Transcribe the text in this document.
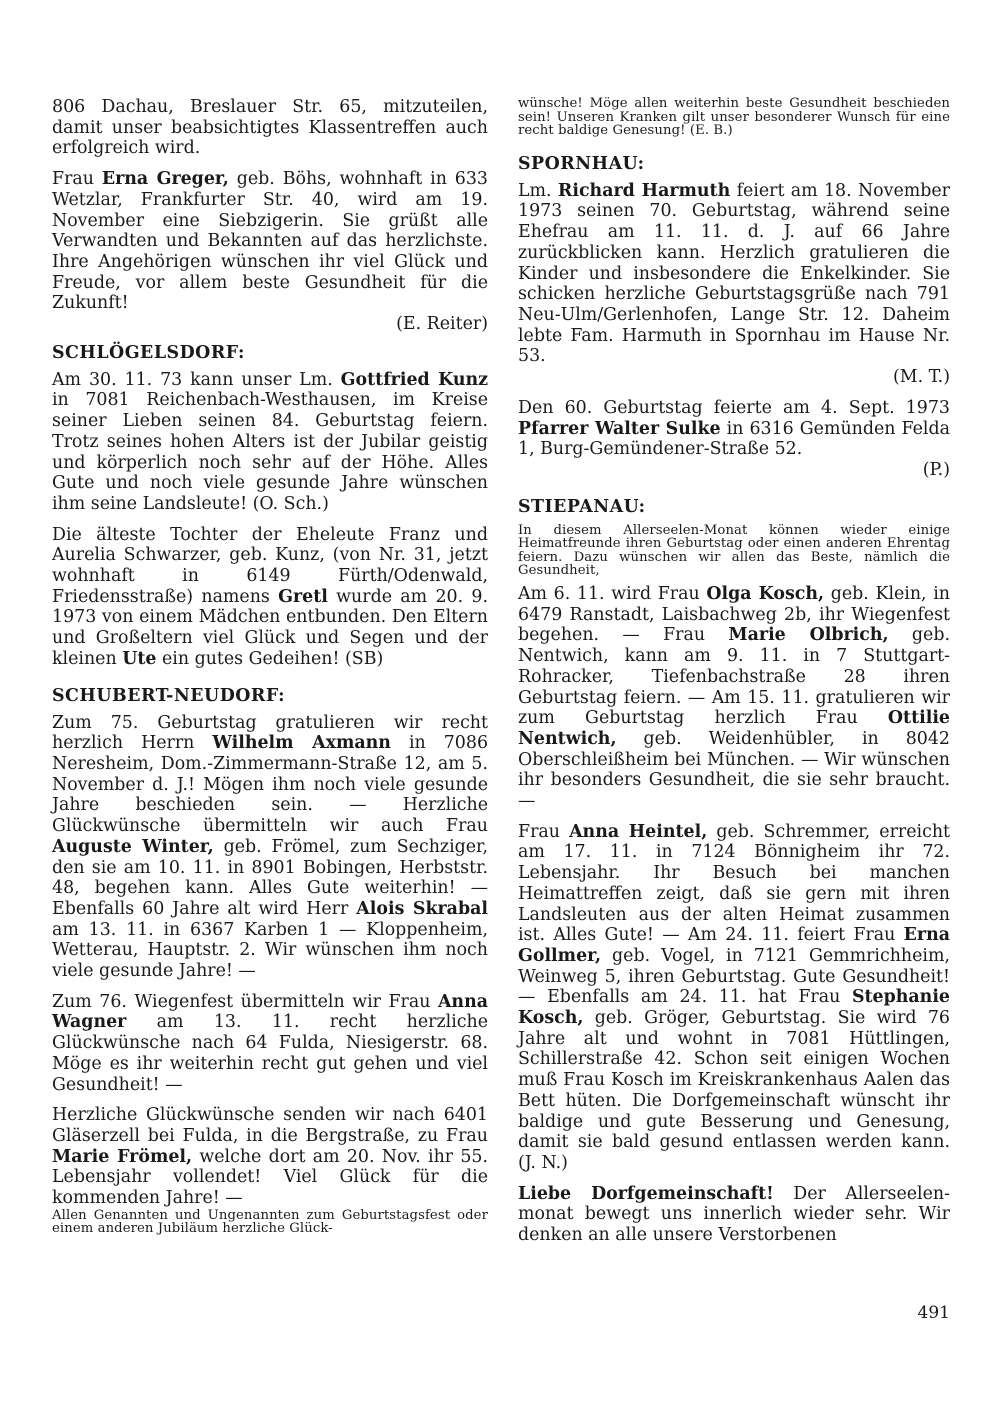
806 Dachau, Breslauer Str. 65, mitzuteilen, damit unser beabsichtigtes Klassentreffen auch erfolgreich wird.

Frau Erna Greger, geb. Böhs, wohnhaft in 633 Wetzlar, Frankfurter Str. 40, wird am 19. November eine Siebzigerin. Sie grüßt alle Verwandten und Bekannten auf das herzlichste. Ihre Angehörigen wünschen ihr viel Glück und Freude, vor allem beste Gesundheit für die Zukunft!

(E. Reiter)
SCHLÖGELSDORF:

Am 30. 11. 73 kann unser Lm. Gottfried Kunz in 7081 Reichenbach-Westhausen, im Kreise seiner Lieben seinen 84. Geburtstag feiern. Trotz seines hohen Alters ist der Jubilar geistig und körperlich noch sehr auf der Höhe. Alles Gute und noch viele gesunde Jahre wünschen ihm seine Landsleute! (O. Sch.)

Die älteste Tochter der Eheleute Franz und Aurelia Schwarzer, geb. Kunz, (von Nr. 31, jetzt wohnhaft in 6149 Fürth/Odenwald, Friedensstraße) namens Gretl wurde am 20. 9. 1973 von einem Mädchen entbunden. Den Eltern und Großeltern viel Glück und Segen und der kleinen Ute ein gutes Gedeihen! (SB)

SCHUBERT-NEUDORF:

Zum 75. Geburtstag gratulieren wir recht herzlich Herrn Wilhelm Axmann in 7086 Neresheim, Dom.-Zimmermann-Straße 12, am 5. November d. J.! Mögen ihm noch viele gesunde Jahre beschieden sein. — Herzliche Glückwünsche übermitteln wir auch Frau Auguste Winter, geb. Frömel, zum Sechziger, den sie am 10. 11. in 8901 Bobingen, Herbststr. 48, begehen kann. Alles Gute weiterhin! — Ebenfalls 60 Jahre alt wird Herr Alois Skrabal am 13. 11. in 6367 Karben 1 — Kloppenheim, Wetterau, Hauptstr. 2. Wir wünschen ihm noch viele gesunde Jahre! —

Zum 76. Wiegenfest übermitteln wir Frau Anna Wagner am 13. 11. recht herzliche Glückwünsche nach 64 Fulda, Niesigerstr. 68. Möge es ihr weiterhin recht gut gehen und viel Gesundheit! —

Herzliche Glückwünsche senden wir nach 6401 Gläserzell bei Fulda, in die Bergstraße, zu Frau Marie Frömel, welche dort am 20. Nov. ihr 55. Lebensjahr vollendet! Viel Glück für die kommenden Jahre! —

Allen Genannten und Ungenannten zum Geburtstagsfest oder einem anderen Jubiläum herzliche Glück-

wünsche! Möge allen weiterhin beste Gesundheit beschieden sein! Unseren Kranken gilt unser besonderer Wunsch für eine recht baldige Genesung! (E. B.)

SPORNHAU:

Lm. Richard Harmuth feiert am 18. November 1973 seinen 70. Geburtstag, während seine Ehefrau am 11. 11. d. J. auf 66 Jahre zurückblicken kann. Herzlich gratulieren die Kinder und insbesondere die Enkelkinder. Sie schicken herzliche Geburtstagsgrüße nach 791 Neu-Ulm/Gerlenhofen, Lange Str. 12. Daheim lebte Fam. Harmuth in Spornhau im Hause Nr. 53.

(M. T.)

Den 60. Geburtstag feierte am 4. Sept. 1973 Pfarrer Walter Sulke in 6316 Gemünden Felda 1, Burg-Gemündener-Straße 52.

(P.)
STIEPANAU:

In diesem Allerseelen-Monat können wieder einige Heimatfreunde ihren Geburtstag oder einen anderen Ehrentag feiern. Dazu wünschen wir allen das Beste, nämlich die Gesundheit,

Am 6. 11. wird Frau Olga Kosch, geb. Klein, in 6479 Ranstadt, Laisbachweg 2b, ihr Wiegenfest begehen. — Frau Marie Olbrich, geb. Nentwich, kann am 9. 11. in 7 Stuttgart-Rohracker, Tiefenbachstraße 28 ihren Geburtstag feiern. — Am 15. 11. gratulieren wir zum Geburtstag herzlich Frau Ottilie Nentwich, geb. Weidenhübler, in 8042 Oberschleißheim bei München. — Wir wünschen ihr besonders Gesundheit, die sie sehr braucht. —

Frau Anna Heintel, geb. Schremmer, erreicht am 17. 11. in 7124 Bönnigheim ihr 72. Lebensjahr. Ihr Besuch bei manchen Heimattreffen zeigt, daß sie gern mit ihren Landsleuten aus der alten Heimat zusammen ist. Alles Gute! — Am 24. 11. feiert Frau Erna Gollmer, geb. Vogel, in 7121 Gemmrichheim, Weinweg 5, ihren Geburtstag. Gute Gesundheit! — Ebenfalls am 24. 11. hat Frau Stephanie Kosch, geb. Gröger, Geburtstag. Sie wird 76 Jahre alt und wohnt in 7081 Hüttlingen, Schillerstraße 42. Schon seit einigen Wochen muß Frau Kosch im Kreiskrankenhaus Aalen das Bett hüten. Die Dorfgemeinschaft wünscht ihr baldige und gute Besserung und Genesung, damit sie bald gesund entlassen werden kann. (J. N.)

Liebe Dorfgemeinschaft! Der Allerseelenmonat bewegt uns innerlich wieder sehr. Wir denken an alle unsere Verstorbenen

491
